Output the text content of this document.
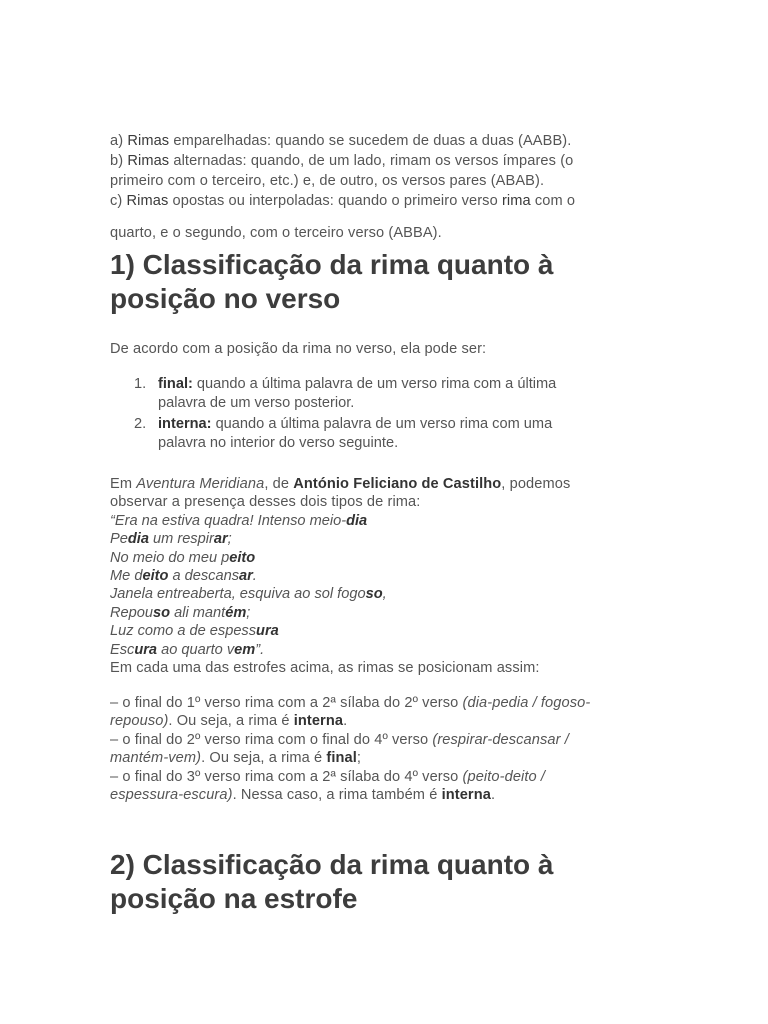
a) Rimas emparelhadas: quando se sucedem de duas a duas (AABB).

b) Rimas alternadas: quando, de um lado, rimam os versos ímpares (o

primeiro com o terceiro, etc.) e, de outro, os versos pares (ABAB).

c) Rimas opostas ou interpoladas: quando o primeiro verso rima com o

quarto, e o segundo, com o terceiro verso (ABBA).

1) Classificação da rima quanto à
posição no verso

De acordo com a posição da rima no verso, ela pode ser:

1. final: quando a última palavra de um verso rima com a última
palavra de um verso posterior.
2. interna: quando a última palavra de um verso rima com uma
palavra no interior do verso seguinte.

Em Aventura Meridiana, de António Feliciano de Castilho, podemos
observar a presença desses dois tipos de rima:

“Era na estiva quadra! Intenso meio-dia
Pedia um respirar;
No meio do meu peito
Me deito a descansar.
Janela entreaberta, esquiva ao sol fogoso,
Repouso ali mantém;
Luz como a de espessura
Escura ao quarto vem”.

Em cada uma das estrofes acima, as rimas se posicionam assim:

– o final do 1º verso rima com a 2ª sílaba do 2º verso (dia-pedia / fogoso-
repouso). Ou seja, a rima é interna.

– o final do 2º verso rima com o final do 4º verso (respirar-descansar /
mantém-vem). Ou seja, a rima é final;

– o final do 3º verso rima com a 2ª sílaba do 4º verso (peito-deito /
espessura-escura). Nessa caso, a rima também é interna.

2) Classificação da rima quanto à
posição na estrofe
